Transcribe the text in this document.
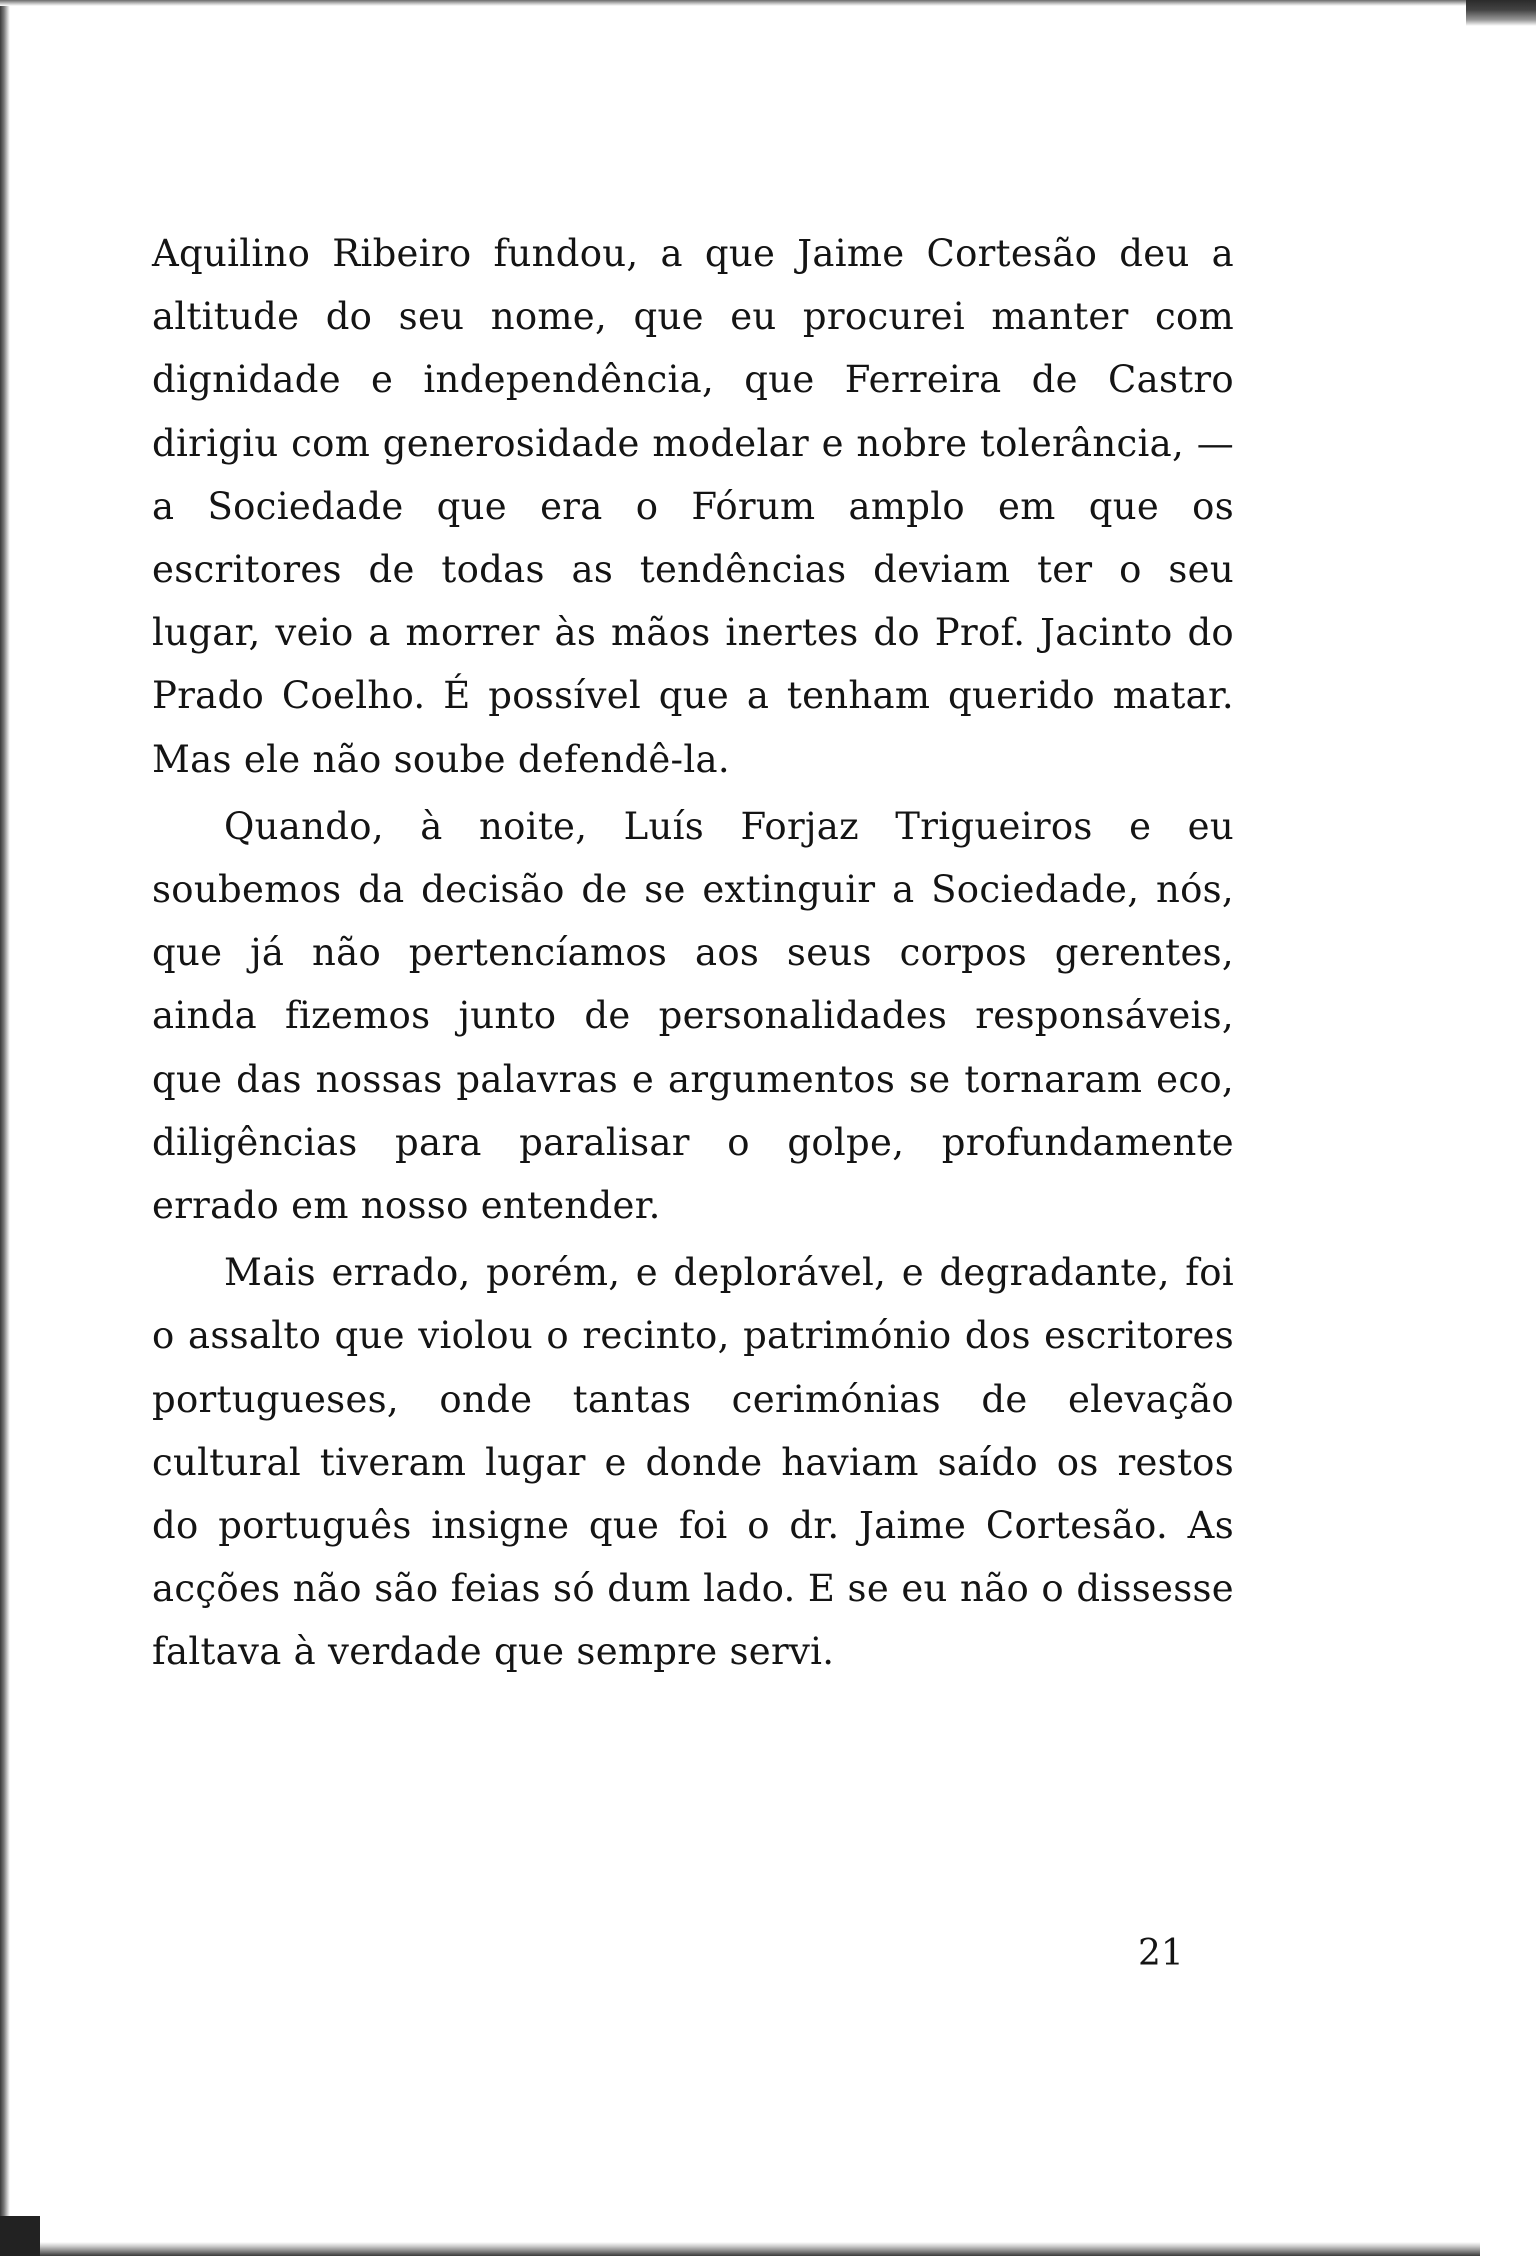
Aquilino Ribeiro fundou, a que Jaime Cortesão deu a altitude do seu nome, que eu procurei manter com dignidade e independência, que Ferreira de Castro dirigiu com generosidade modelar e nobre tolerância, — a Sociedade que era o Fórum amplo em que os escritores de todas as tendências deviam ter o seu lugar, veio a morrer às mãos inertes do Prof. Jacinto do Prado Coelho. É possível que a tenham querido matar. Mas ele não soube defendê-la.

Quando, à noite, Luís Forjaz Trigueiros e eu soubemos da decisão de se extinguir a Sociedade, nós, que já não pertencíamos aos seus corpos gerentes, ainda fizemos junto de personalidades responsáveis, que das nossas palavras e argumentos se tornaram eco, diligências para paralisar o golpe, profundamente errado em nosso entender.

Mais errado, porém, e deplorável, e degradante, foi o assalto que violou o recinto, património dos escritores portugueses, onde tantas cerimónias de elevação cultural tiveram lugar e donde haviam saído os restos do português insigne que foi o dr. Jaime Cortesão. As acções não são feias só dum lado. E se eu não o dissesse faltava à verdade que sempre servi.

21
